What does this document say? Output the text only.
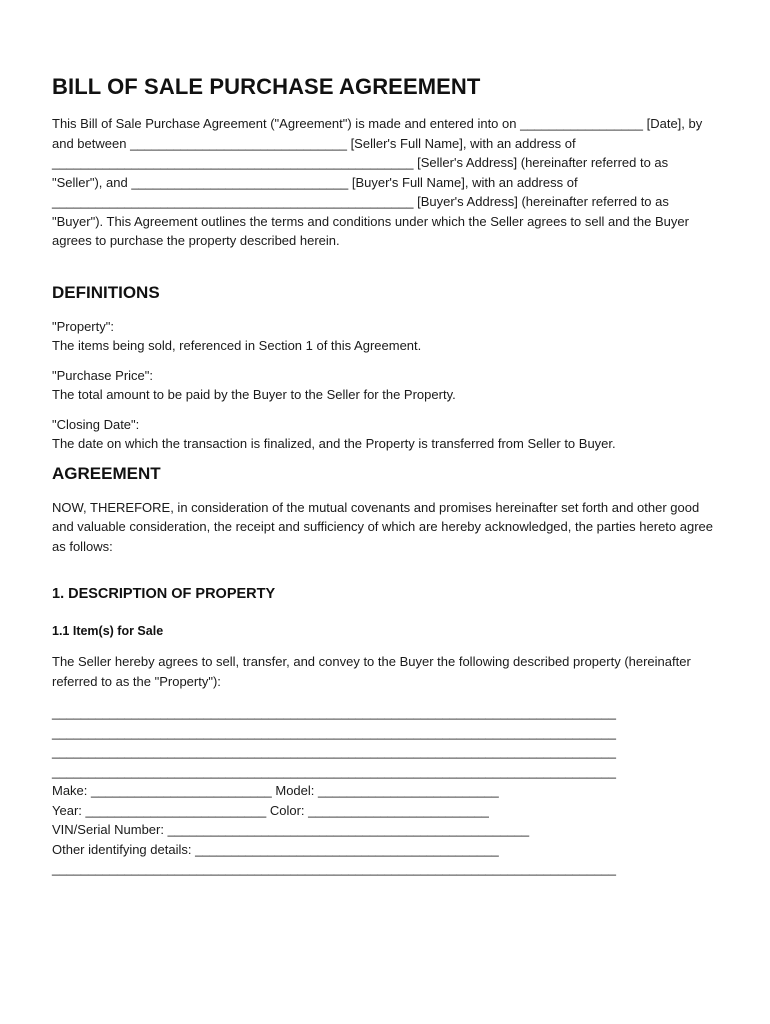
BILL OF SALE PURCHASE AGREEMENT

This Bill of Sale Purchase Agreement ("Agreement") is made and entered into on _________________ [Date], by and between ______________________________ [Seller's Full Name], with an address of __________________________________________________ [Seller's Address] (hereinafter referred to as "Seller"), and ______________________________ [Buyer's Full Name], with an address of __________________________________________________ [Buyer's Address] (hereinafter referred to as "Buyer"). This Agreement outlines the terms and conditions under which the Seller agrees to sell and the Buyer agrees to purchase the property described herein.

DEFINITIONS

"Property":

The items being sold, referenced in Section 1 of this Agreement.

"Purchase Price":

The total amount to be paid by the Buyer to the Seller for the Property.

"Closing Date":

The date on which the transaction is finalized, and the Property is transferred from Seller to Buyer.

AGREEMENT

NOW, THEREFORE, in consideration of the mutual covenants and promises hereinafter set forth and other good and valuable consideration, the receipt and sufficiency of which are hereby acknowledged, the parties hereto agree as follows:

1. DESCRIPTION OF PROPERTY
1.1 Item(s) for Sale

The Seller hereby agrees to sell, transfer, and convey to the Buyer the following described property (hereinafter referred to as the "Property"):

______________________________________________________________________________
______________________________________________________________________________
______________________________________________________________________________
______________________________________________________________________________
Make: _________________________ Model: _________________________
Year: _________________________ Color: _________________________
VIN/Serial Number: __________________________________________________
Other identifying details: __________________________________________
______________________________________________________________________________
